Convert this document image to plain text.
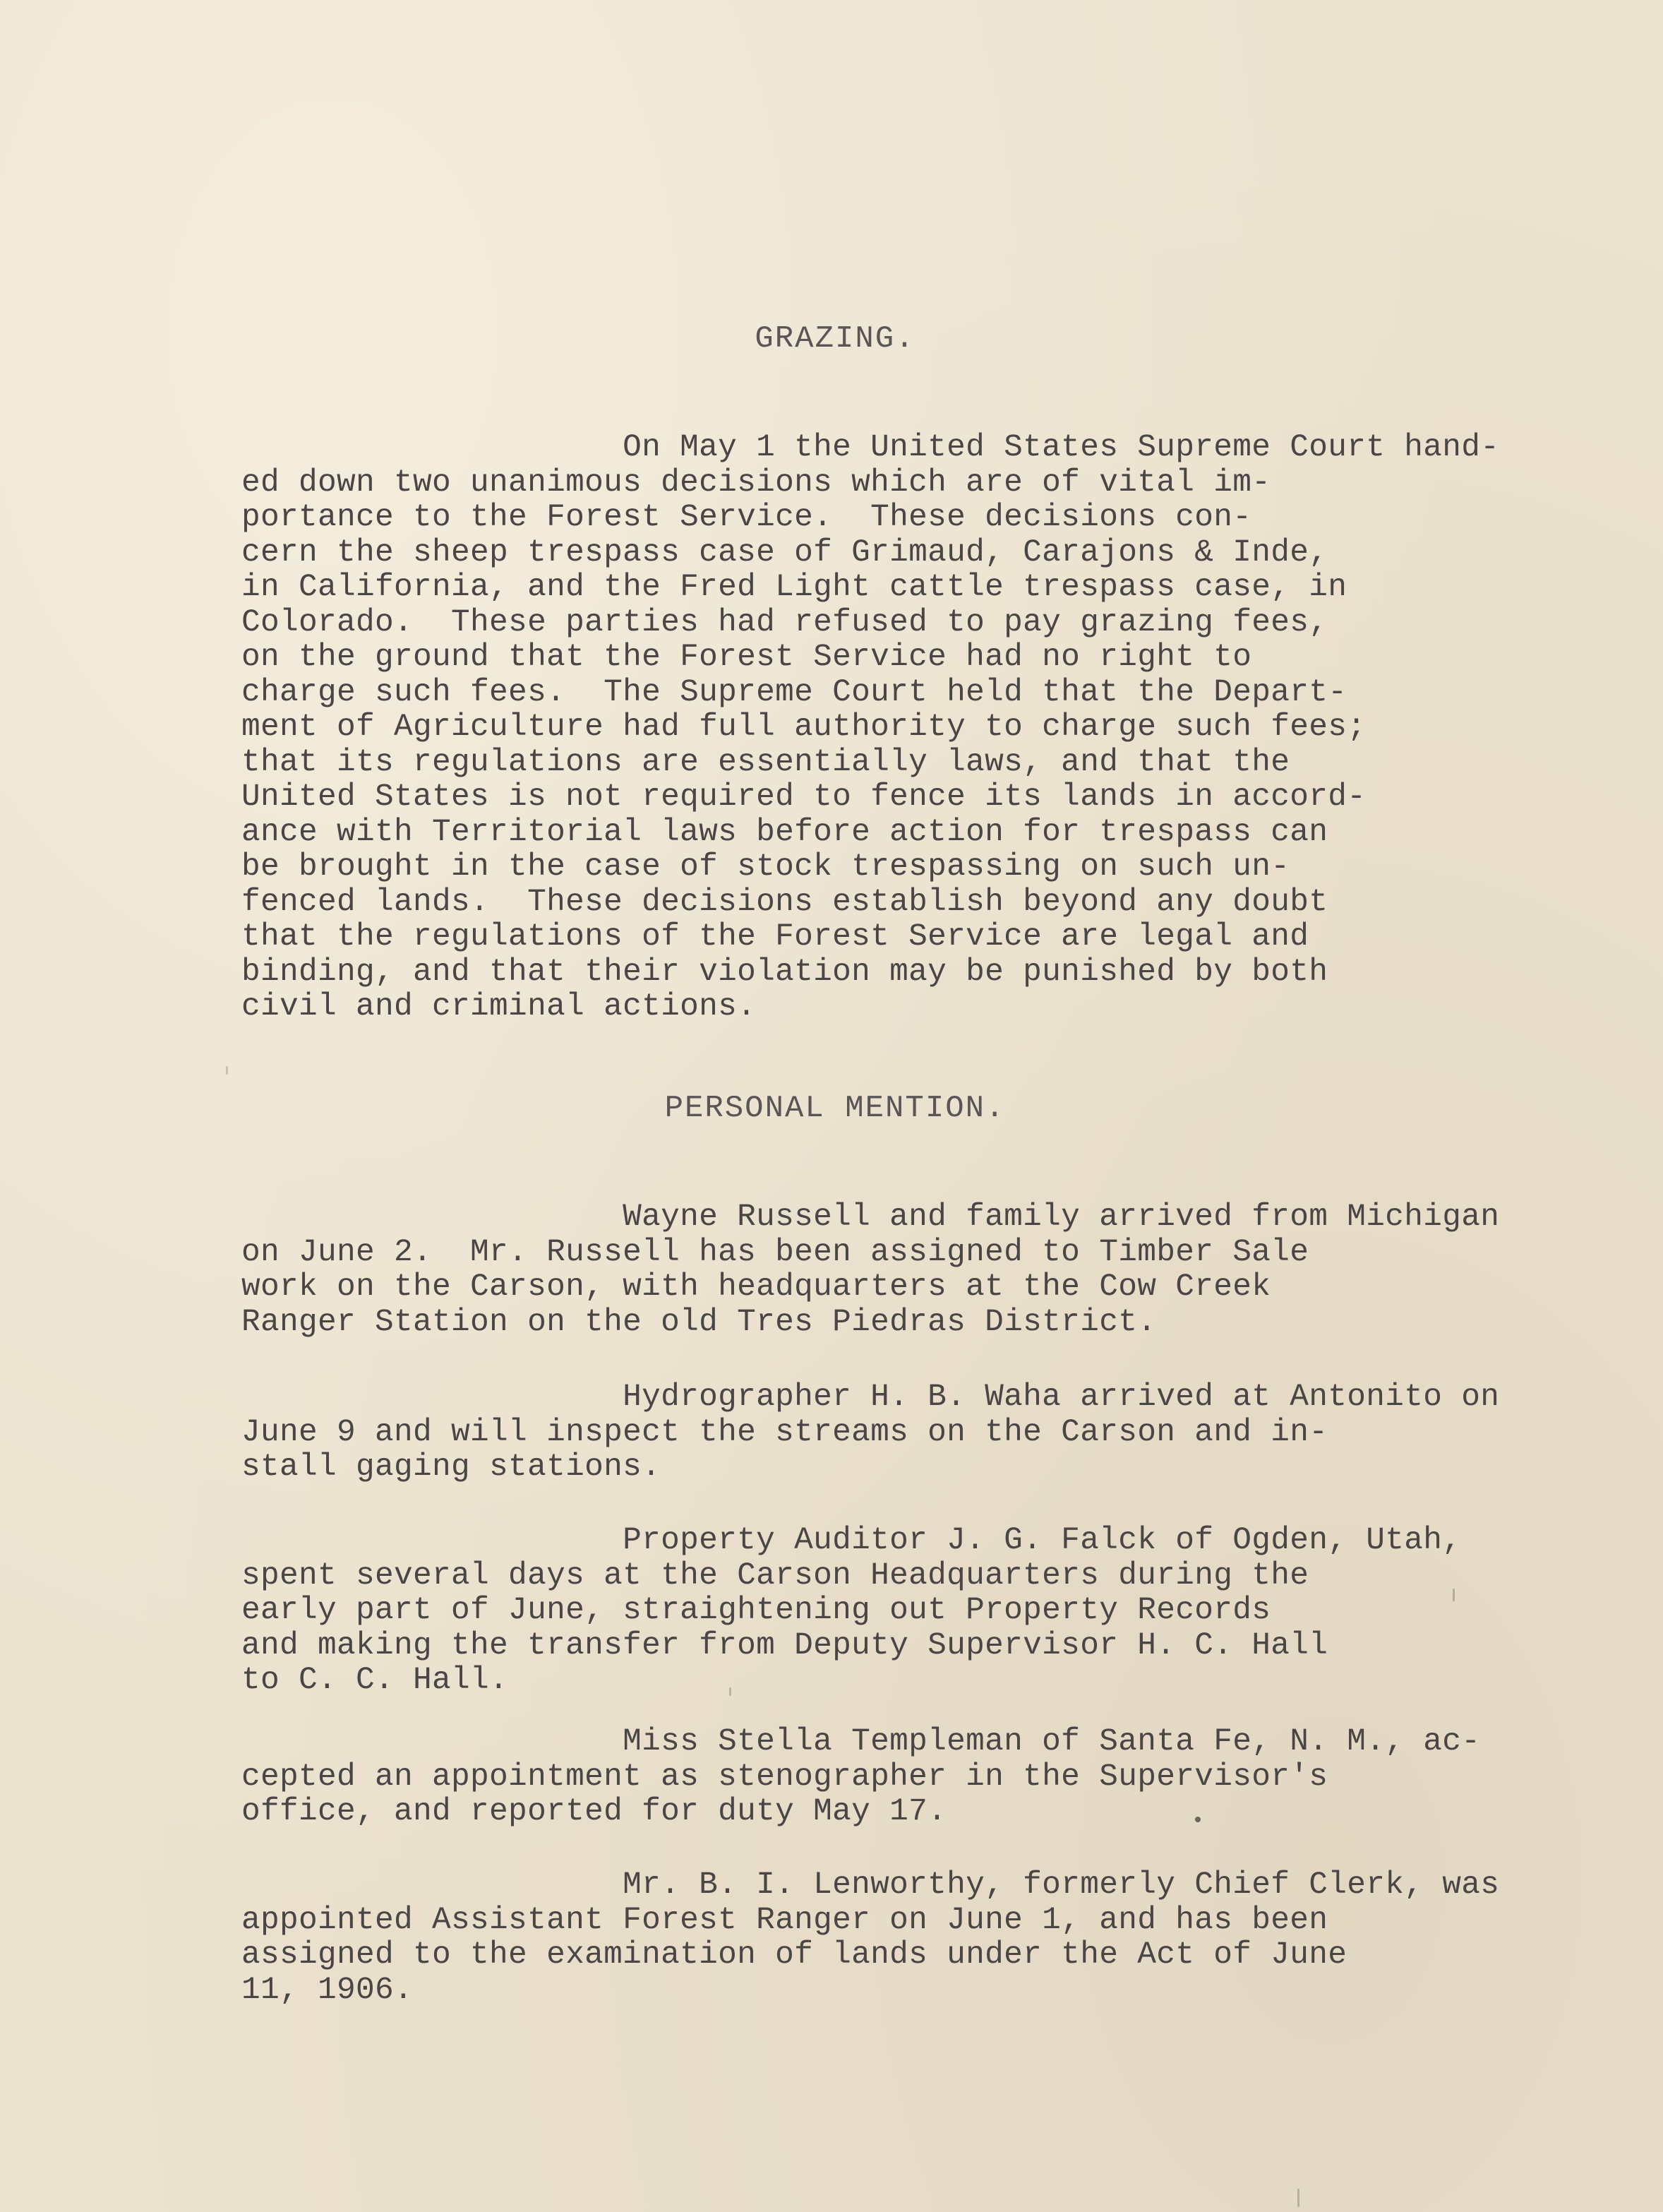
GRAZING.
On May 1 the United States Supreme Court hand-
ed down two unanimous decisions which are of vital im-
portance to the Forest Service.  These decisions con-
cern the sheep trespass case of Grimaud, Carajons & Inde,
in California, and the Fred Light cattle trespass case, in
Colorado.  These parties had refused to pay grazing fees,
on the ground that the Forest Service had no right to
charge such fees.  The Supreme Court held that the Depart-
ment of Agriculture had full authority to charge such fees;
that its regulations are essentially laws, and that the
United States is not required to fence its lands in accord-
ance with Territorial laws before action for trespass can
be brought in the case of stock trespassing on such un-
fenced lands.  These decisions establish beyond any doubt
that the regulations of the Forest Service are legal and
binding, and that their violation may be punished by both
civil and criminal actions.
PERSONAL MENTION.
Wayne Russell and family arrived from Michigan
on June 2.  Mr. Russell has been assigned to Timber Sale
work on the Carson, with headquarters at the Cow Creek
Ranger Station on the old Tres Piedras District.
Hydrographer H. B. Waha arrived at Antonito on
June 9 and will inspect the streams on the Carson and in-
stall gaging stations.
Property Auditor J. G. Falck of Ogden, Utah,
spent several days at the Carson Headquarters during the
early part of June, straightening out Property Records
and making the transfer from Deputy Supervisor H. C. Hall
to C. C. Hall.
Miss Stella Templeman of Santa Fe, N. M., ac-
cepted an appointment as stenographer in the Supervisor's
office, and reported for duty May 17.
Mr. B. I. Lenworthy, formerly Chief Clerk, was
appointed Assistant Forest Ranger on June 1, and has been
assigned to the examination of lands under the Act of June
11, 1906.
